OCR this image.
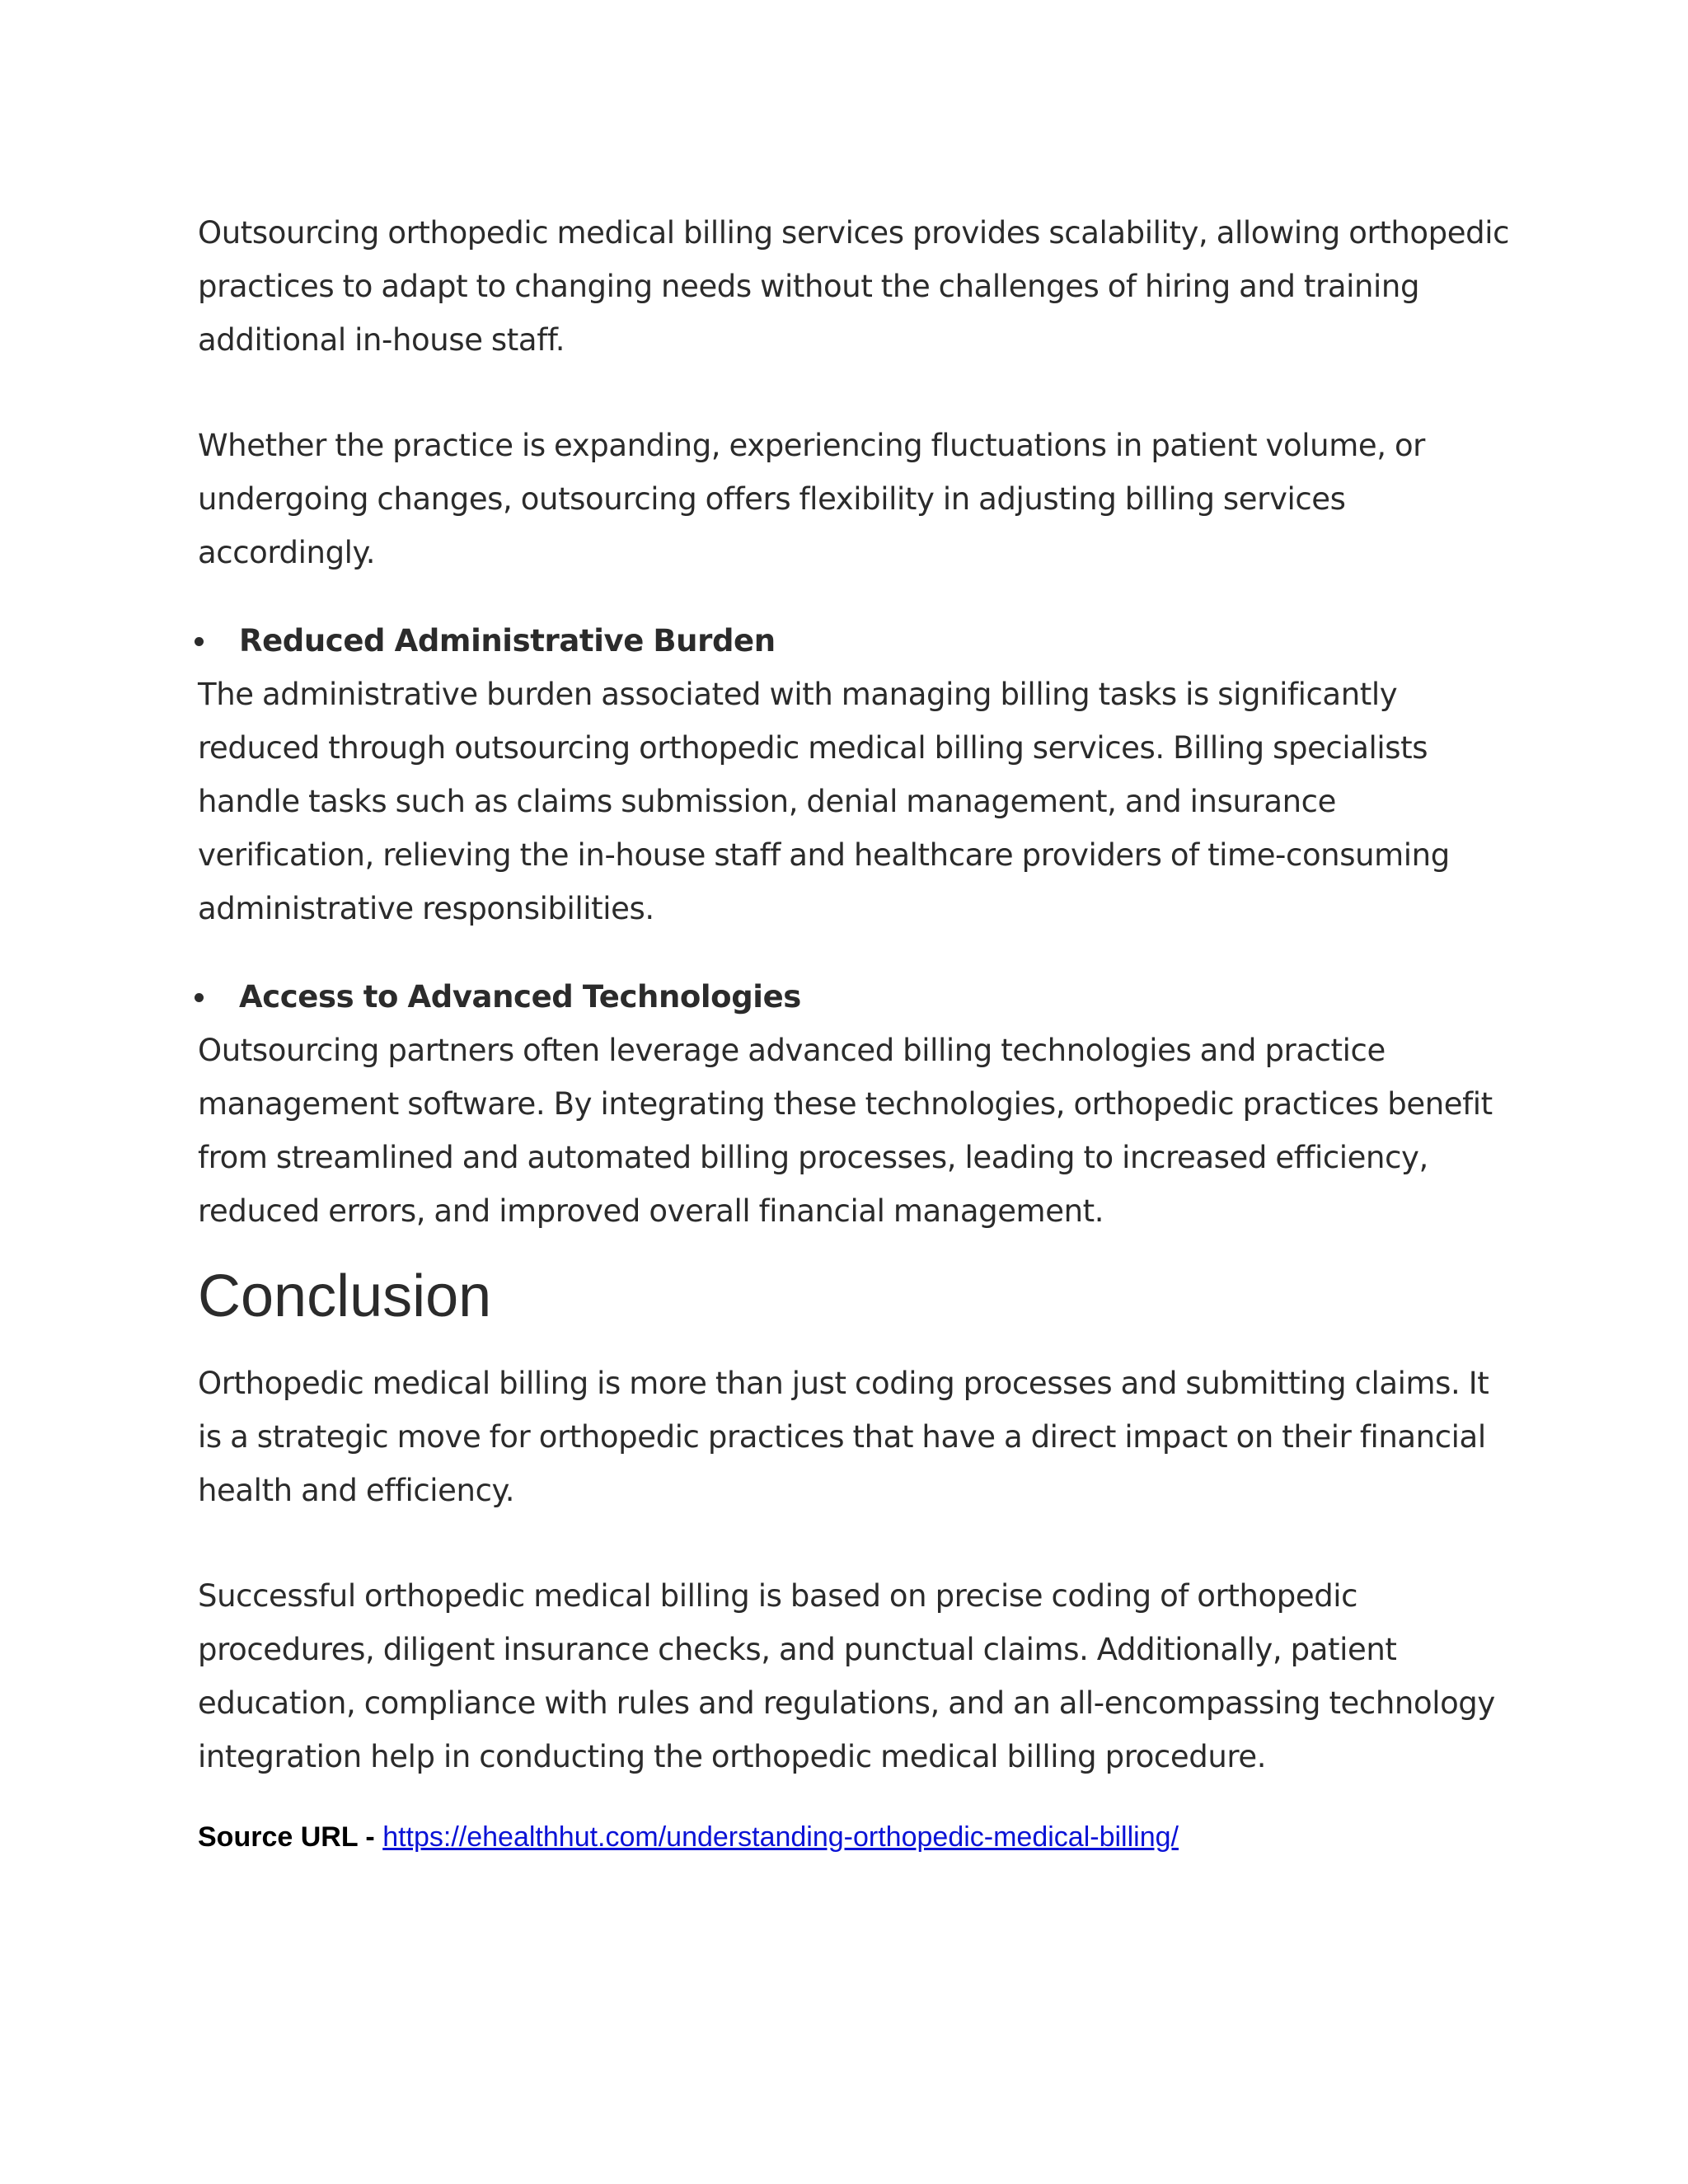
Outsourcing orthopedic medical billing services provides scalability, allowing orthopedic practices to adapt to changing needs without the challenges of hiring and training additional in-house staff.

Whether the practice is expanding, experiencing fluctuations in patient volume, or undergoing changes, outsourcing offers flexibility in adjusting billing services accordingly.

Reduced Administrative Burden

The administrative burden associated with managing billing tasks is significantly reduced through outsourcing orthopedic medical billing services. Billing specialists handle tasks such as claims submission, denial management, and insurance verification, relieving the in-house staff and healthcare providers of time-consuming administrative responsibilities.

Access to Advanced Technologies

Outsourcing partners often leverage advanced billing technologies and practice management software. By integrating these technologies, orthopedic practices benefit from streamlined and automated billing processes, leading to increased efficiency, reduced errors, and improved overall financial management.

Conclusion

Orthopedic medical billing is more than just coding processes and submitting claims. It is a strategic move for orthopedic practices that have a direct impact on their financial health and efficiency.

Successful orthopedic medical billing is based on precise coding of orthopedic procedures, diligent insurance checks, and punctual claims. Additionally, patient education, compliance with rules and regulations, and an all-encompassing technology integration help in conducting the orthopedic medical billing procedure.

Source URL - https://ehealthhut.com/understanding-orthopedic-medical-billing/
